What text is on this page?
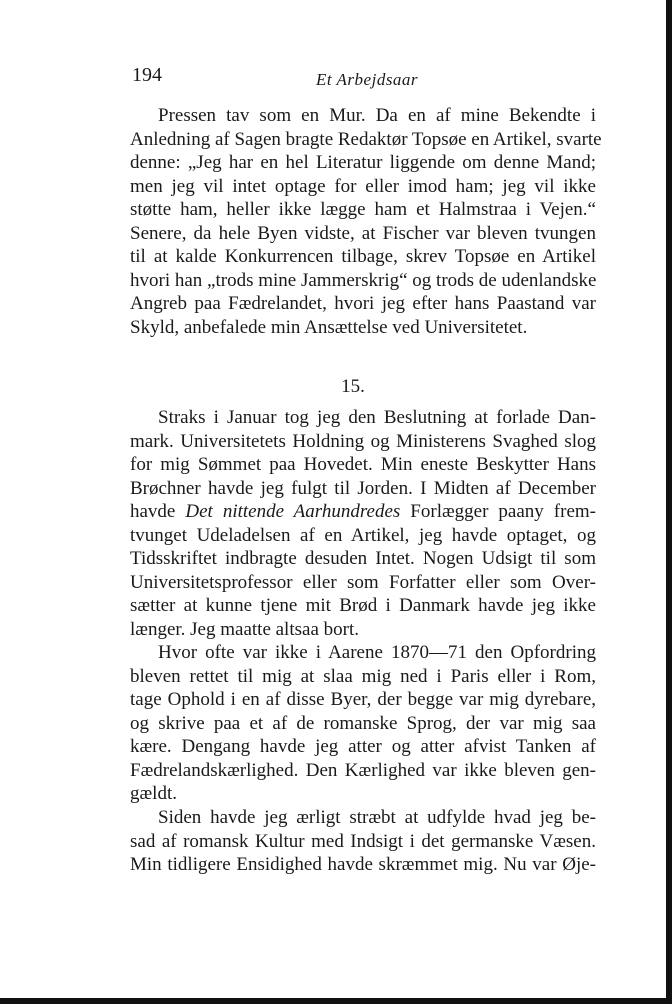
194	Et Arbejdsaar
Pressen tav som en Mur. Da en af mine Bekendte i
Anledning af Sagen bragte Redaktør Topsøe en Artikel, svarte
denne: „Jeg har en hel Literatur liggende om denne Mand;
men jeg vil intet optage for eller imod ham; jeg vil ikke
støtte ham, heller ikke lægge ham et Halmstraa i Vejen.“
Senere, da hele Byen vidste, at Fischer var bleven tvungen
til at kalde Konkurrencen tilbage, skrev Topsøe en Artikel
hvori han „trods mine Jammerskrig“ og trods de udenlandske
Angreb paa Fædrelandet, hvori jeg efter hans Paastand var
Skyld, anbefalede min Ansættelse ved Universitetet.
15.
Straks i Januar tog jeg den Beslutning at forlade Dan-
mark. Universitetets Holdning og Ministerens Svaghed slog
for mig Sømmet paa Hovedet. Min eneste Beskytter Hans
Brøchner havde jeg fulgt til Jorden. I Midten af December
havde Det nittende Aarhundredes Forlægger paany frem-
tvunget Udeladelsen af en Artikel, jeg havde optaget, og
Tidsskriftet indbragte desuden Intet. Nogen Udsigt til som
Universitetsprofessor eller som Forfatter eller som Over-
sætter at kunne tjene mit Brød i Danmark havde jeg ikke
længer. Jeg maatte altsaa bort.
Hvor ofte var ikke i Aarene 1870—71 den Opfordring
bleven rettet til mig at slaa mig ned i Paris eller i Rom,
tage Ophold i en af disse Byer, der begge var mig dyrebare,
og skrive paa et af de romanske Sprog, der var mig saa
kære. Dengang havde jeg atter og atter afvist Tanken af
Fædrelandskærlighed. Den Kærlighed var ikke bleven gen-
gældt.
Siden havde jeg ærligt stræbt at udfylde hvad jeg be-
sad af romansk Kultur med Indsigt i det germanske Væsen.
Min tidligere Ensidighed havde skræmmet mig. Nu var Øje-
